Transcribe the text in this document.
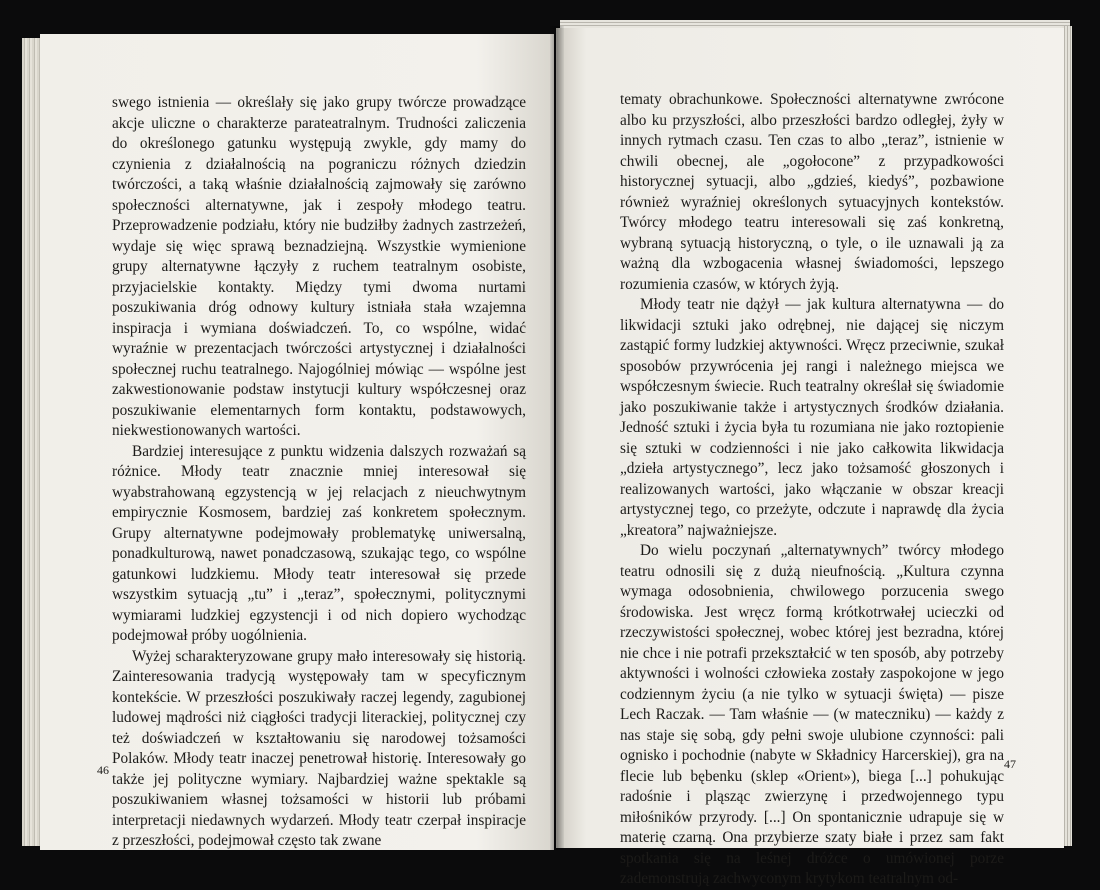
swego istnienia — określały się jako grupy twórcze prowadzące akcje uliczne o charakterze parateatralnym. Trudności zaliczenia do określonego gatunku występują zwykle, gdy mamy do czynienia z działalnością na pograniczu różnych dziedzin twórczości, a taką właśnie działalnością zajmowały się zarówno społeczności alternatywne, jak i zespoły młodego teatru. Przeprowadzenie podziału, który nie budziłby żadnych zastrzeżeń, wydaje się więc sprawą beznadziejną. Wszystkie wymienione grupy alternatywne łączyły z ruchem teatralnym osobiste, przyjacielskie kontakty. Między tymi dwoma nurtami poszukiwania dróg odnowy kultury istniała stała wzajemna inspiracja i wymiana doświadczeń. To, co wspólne, widać wyraźnie w prezentacjach twórczości artystycznej i działalności społecznej ruchu teatralnego. Najogólniej mówiąc — wspólne jest zakwestionowanie podstaw instytucji kultury współczesnej oraz poszukiwanie elementarnych form kontaktu, podstawowych, niekwestionowanych wartości.

Bardziej interesujące z punktu widzenia dalszych rozważań są różnice. Młody teatr znacznie mniej interesował się wyabstrahowaną egzystencją w jej relacjach z nieuchwytnym empirycznie Kosmosem, bardziej zaś konkretem społecznym. Grupy alternatywne podejmowały problematykę uniwersalną, ponadkulturową, nawet ponadczasową, szukając tego, co wspólne gatunkowi ludzkiemu. Młody teatr interesował się przede wszystkim sytuacją „tu” i „teraz”, społecznymi, politycznymi wymiarami ludzkiej egzystencji i od nich dopiero wychodząc podejmował próby uogólnienia.

Wyżej scharakteryzowane grupy mało interesowały się historią. Zainteresowania tradycją występowały tam w specyficznym kontekście. W przeszłości poszukiwały raczej legendy, zagubionej ludowej mądrości niż ciągłości tradycji literackiej, politycznej czy też doświadczeń w kształtowaniu się narodowej tożsamości Polaków. Młody teatr inaczej penetrował historię. Interesowały go także jej polityczne wymiary. Najbardziej ważne spektakle są poszukiwaniem własnej tożsamości w historii lub próbami interpretacji niedawnych wydarzeń. Młody teatr czerpał inspiracje z przeszłości, podejmował często tak zwane

46

tematy obrachunkowe. Społeczności alternatywne zwrócone albo ku przyszłości, albo przeszłości bardzo odległej, żyły w innych rytmach czasu. Ten czas to albo „teraz”, istnienie w chwili obecnej, ale „ogołocone” z przypadkowości historycznej sytuacji, albo „gdzieś, kiedyś”, pozbawione również wyraźniej określonych sytuacyjnych kontekstów. Twórcy młodego teatru interesowali się zaś konkretną, wybraną sytuacją historyczną, o tyle, o ile uznawali ją za ważną dla wzbogacenia własnej świadomości, lepszego rozumienia czasów, w których żyją.

Młody teatr nie dążył — jak kultura alternatywna — do likwidacji sztuki jako odrębnej, nie dającej się niczym zastąpić formy ludzkiej aktywności. Wręcz przeciwnie, szukał sposobów przywrócenia jej rangi i należnego miejsca we współczesnym świecie. Ruch teatralny określał się świadomie jako poszukiwanie także i artystycznych środków działania. Jedność sztuki i życia była tu rozumiana nie jako roztopienie się sztuki w codzienności i nie jako całkowita likwidacja „dzieła artystycznego”, lecz jako tożsamość głoszonych i realizowanych wartości, jako włączanie w obszar kreacji artystycznej tego, co przeżyte, odczute i naprawdę dla życia „kreatora” najważniejsze.

Do wielu poczynań „alternatywnych” twórcy młodego teatru odnosili się z dużą nieufnością. „Kultura czynna wymaga odosobnienia, chwilowego porzucenia swego środowiska. Jest wręcz formą krótkotrwałej ucieczki od rzeczywistości społecznej, wobec której jest bezradna, której nie chce i nie potrafi przekształcić w ten sposób, aby potrzeby aktywności i wolności człowieka zostały zaspokojone w jego codziennym życiu (a nie tylko w sytuacji święta) — pisze Lech Raczak. — Tam właśnie — (w mateczniku) — każdy z nas staje się sobą, gdy pełni swoje ulubione czynności: pali ognisko i pochodnie (nabyte w Składnicy Harcerskiej), gra na flecie lub bębenku (sklep «Orient»), biega [...] pohukując radośnie i pląsząc zwierzynę i przedwojennego typu miłośników przyrody. [...] On spontanicznie udrapuje się w materię czarną. Ona przybierze szaty białe i przez sam fakt spotkania się na leśnej dróżce o umówionej porze zademonstrują zachwyconym krytykom teatralnym od-

47
